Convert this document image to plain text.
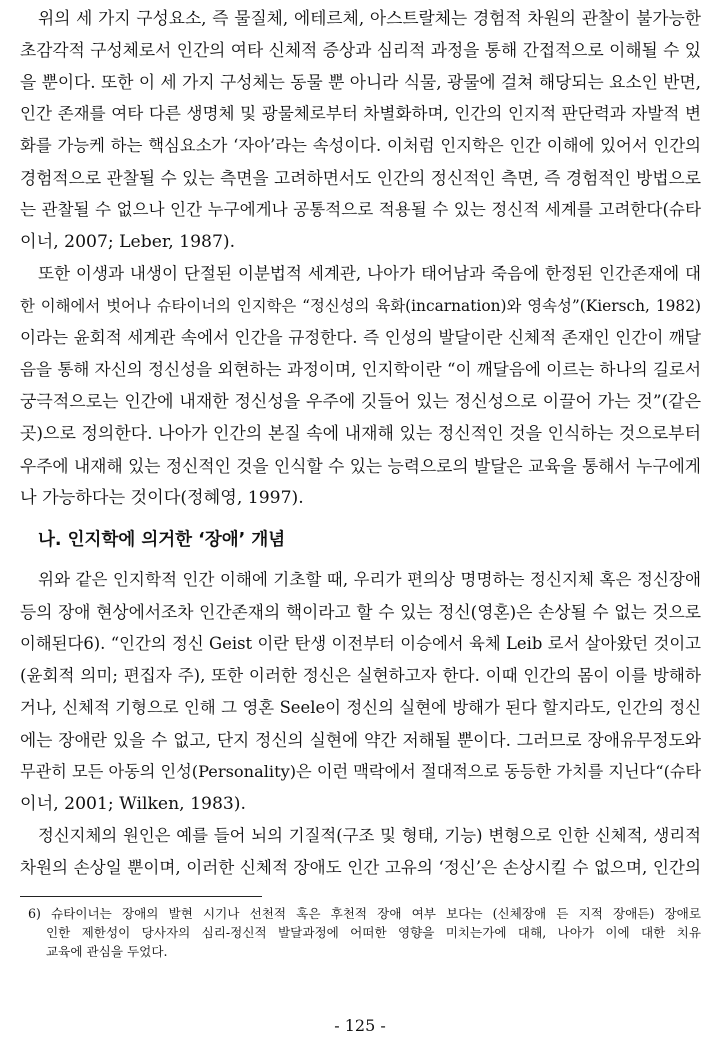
위의 세 가지 구성요소, 즉 물질체, 에테르체, 아스트랄체는 경험적 차원의 관찰이 불가능한
초감각적 구성체로서 인간의 여타 신체적 증상과 심리적 과정을 통해 간접적으로 이해될 수 있
을 뿐이다. 또한 이 세 가지 구성체는 동물 뿐 아니라 식물, 광물에 걸쳐 해당되는 요소인 반면,
인간 존재를 여타 다른 생명체 및 광물체로부터 차별화하며, 인간의 인지적 판단력과 자발적 변
화를 가능케 하는 핵심요소가 ‘자아’라는 속성이다. 이처럼 인지학은 인간 이해에 있어서 인간의
경험적으로 관찰될 수 있는 측면을 고려하면서도 인간의 정신적인 측면, 즉 경험적인 방법으로
는 관찰될 수 없으나 인간 누구에게나 공통적으로 적용될 수 있는 정신적 세계를 고려한다(슈타
이너, 2007; Leber, 1987).
또한 이생과 내생이 단절된 이분법적 세계관, 나아가 태어남과 죽음에 한정된 인간존재에 대
한 이해에서 벗어나 슈타이너의 인지학은 “정신성의 육화(incarnation)와 영속성”(Kiersch, 1982)
이라는 윤회적 세계관 속에서 인간을 규정한다. 즉 인성의 발달이란 신체적 존재인 인간이 깨달
음을 통해 자신의 정신성을 외현하는 과정이며, 인지학이란 “이 깨달음에 이르는 하나의 길로서
궁극적으로는 인간에 내재한 정신성을 우주에 깃들어 있는 정신성으로 이끌어 가는 것”(같은
곳)으로 정의한다. 나아가 인간의 본질 속에 내재해 있는 정신적인 것을 인식하는 것으로부터
우주에 내재해 있는 정신적인 것을 인식할 수 있는 능력으로의 발달은 교육을 통해서 누구에게
나 가능하다는 것이다(정혜영, 1997).
나. 인지학에 의거한 ‘장애’ 개념
위와 같은 인지학적 인간 이해에 기초할 때, 우리가 편의상 명명하는 정신지체 혹은 정신장애
등의 장애 현상에서조차 인간존재의 핵이라고 할 수 있는 정신(영혼)은 손상될 수 없는 것으로
이해된다6). “인간의 정신 Geist 이란 탄생 이전부터 이승에서 육체 Leib 로서 살아왔던 것이고
(윤회적 의미; 편집자 주), 또한 이러한 정신은 실현하고자 한다. 이때 인간의 몸이 이를 방해하
거나, 신체적 기형으로 인해 그 영혼 Seele이 정신의 실현에 방해가 된다 할지라도, 인간의 정신
에는 장애란 있을 수 없고, 단지 정신의 실현에 약간 저해될 뿐이다. 그러므로 장애유무정도와
무관히 모든 아동의 인성(Personality)은 이런 맥락에서 절대적으로 동등한 가치를 지닌다“(슈타
이너, 2001; Wilken, 1983).
정신지체의 원인은 예를 들어 뇌의 기질적(구조 및 형태, 기능) 변형으로 인한 신체적, 생리적
차원의 손상일 뿐이며, 이러한 신체적 장애도 인간 고유의 ‘정신’은 손상시킬 수 없으며, 인간의
6) 슈타이너는 장애의 발현 시기나 선천적 혹은 후천적 장애 여부 보다는 (신체장애 든 지적 장애든) 장애로
인한 제한성이 당사자의 심리-정신적 발달과정에 어떠한 영향을 미치는가에 대해, 나아가 이에 대한 치유
교육에 관심을 두었다.
- 125 -
